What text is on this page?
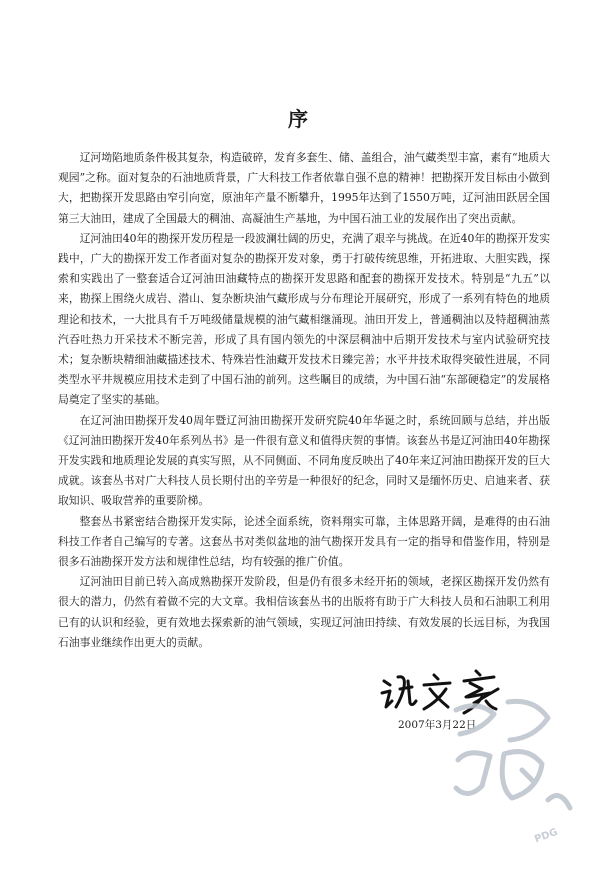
序

辽河坳陷地质条件极其复杂，构造破碎，发育多套生、储、盖组合，油气藏类型丰富，素有“地质大观园”之称。面对复杂的石油地质背景，广大科技工作者依靠自强不息的精神！把勘探开发目标由小做到大，把勘探开发思路由窄引向宽，原油年产量不断攀升，1995年达到了1550万吨，辽河油田跃居全国第三大油田，建成了全国最大的稠油、高凝油生产基地，为中国石油工业的发展作出了突出贡献。

辽河油田40年的勘探开发历程是一段波澜壮阔的历史，充满了艰辛与挑战。在近40年的勘探开发实践中，广大的勘探开发工作者面对复杂的勘探开发对象，勇于打破传统思维，开拓进取、大胆实践，探索和实践出了一整套适合辽河油田油藏特点的勘探开发思路和配套的勘探开发技术。特别是“九五”以来，勘探上围绕火成岩、潜山、复杂断块油气藏形成与分布理论开展研究，形成了一系列有特色的地质理论和技术，一大批具有千万吨级储量规模的油气藏相继涌现。油田开发上，普通稠油以及特超稠油蒸汽吞吐热力开采技术不断完善，形成了具有国内领先的中深层稠油中后期开发技术与室内试验研究技术；复杂断块精细油藏描述技术、特殊岩性油藏开发技术日臻完善；水平井技术取得突破性进展，不同类型水平井规模应用技术走到了中国石油的前列。这些瞩目的成绩，为中国石油“东部硬稳定”的发展格局奠定了坚实的基础。

在辽河油田勘探开发40周年暨辽河油田勘探开发研究院40年华诞之时，系统回顾与总结，并出版《辽河油田勘探开发40年系列丛书》是一件很有意义和值得庆贺的事情。该套丛书是辽河油田40年勘探开发实践和地质理论发展的真实写照，从不同侧面、不同角度反映出了40年来辽河油田勘探开发的巨大成就。该套丛书对广大科技人员长期付出的辛劳是一种很好的纪念，同时又是缅怀历史、启迪来者、获取知识、吸取营养的重要阶梯。

整套丛书紧密结合勘探开发实际，论述全面系统，资料翔实可靠，主体思路开阔，是难得的由石油科技工作者自己编写的专著。这套丛书对类似盆地的油气勘探开发具有一定的指导和借鉴作用，特别是很多石油勘探开发方法和规律性总结，均有较强的推广价值。

辽河油田目前已转入高成熟勘探开发阶段，但是仍有很多未经开拓的领域，老探区勘探开发仍然有很大的潜力，仍然有着做不完的大文章。我相信该套丛书的出版将有助于广大科技人员和石油职工利用已有的认识和经验，更有效地去探索新的油气领域，实现辽河油田持续、有效发展的长远目标，为我国石油事业继续作出更大的贡献。

2007年3月22日
PDG
